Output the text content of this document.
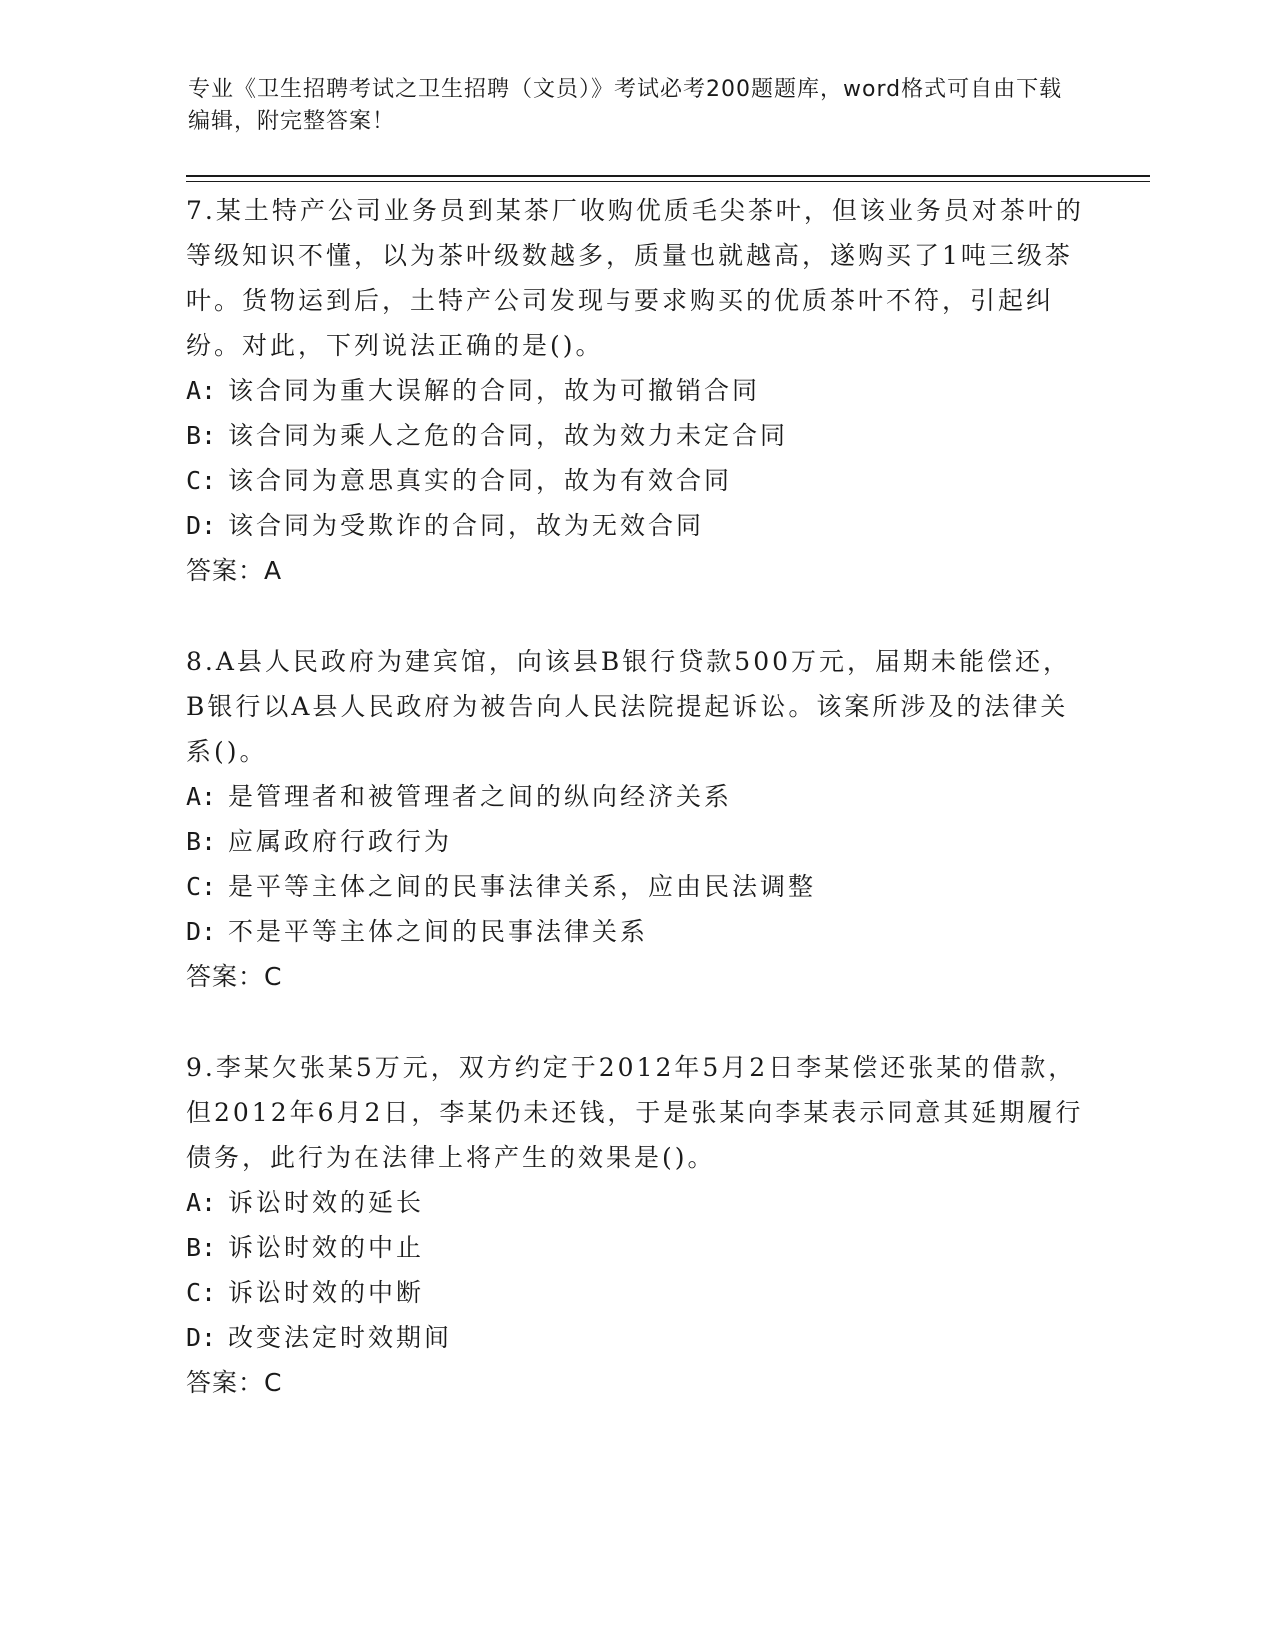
专业《卫生招聘考试之卫生招聘（文员）》考试必考200题题库，word格式可自由下载编辑，附完整答案！

7.某土特产公司业务员到某茶厂收购优质毛尖茶叶，但该业务员对茶叶的等级知识不懂，以为茶叶级数越多，质量也就越高，遂购买了1吨三级茶叶。货物运到后，土特产公司发现与要求购买的优质茶叶不符，引起纠纷。对此，下列说法正确的是()。

A: 该合同为重大误解的合同，故为可撤销合同

B: 该合同为乘人之危的合同，故为效力未定合同

C: 该合同为意思真实的合同，故为有效合同

D: 该合同为受欺诈的合同，故为无效合同

答案：A

8.A县人民政府为建宾馆，向该县B银行贷款500万元，届期未能偿还，B银行以A县人民政府为被告向人民法院提起诉讼。该案所涉及的法律关系()。

A: 是管理者和被管理者之间的纵向经济关系

B: 应属政府行政行为

C: 是平等主体之间的民事法律关系，应由民法调整

D: 不是平等主体之间的民事法律关系

答案：C

9.李某欠张某5万元，双方约定于2012年5月2日李某偿还张某的借款，但2012年6月2日，李某仍未还钱，于是张某向李某表示同意其延期履行债务，此行为在法律上将产生的效果是()。

A: 诉讼时效的延长

B: 诉讼时效的中止

C: 诉讼时效的中断

D: 改变法定时效期间

答案：C
